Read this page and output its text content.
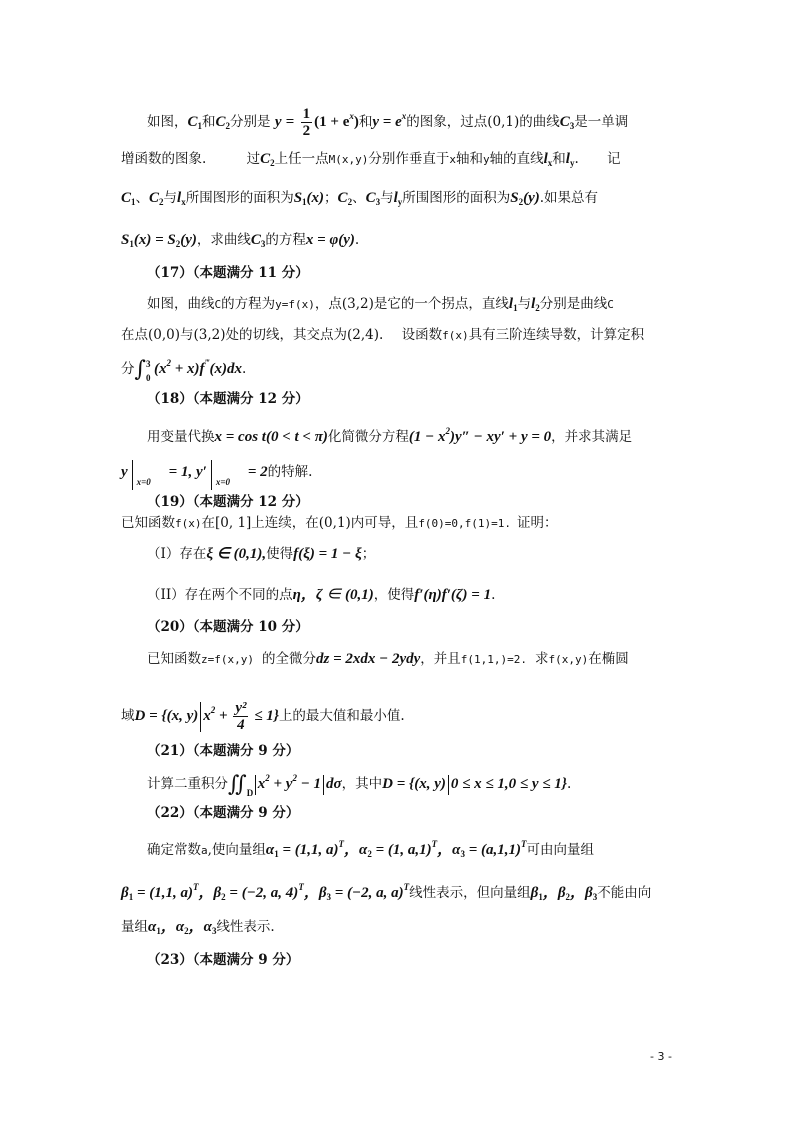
如图，$C_1$和$C_2$分别是 $y = \frac{1}{2} (1 + e^x)$和$y = e^x$的图象，过点(0,1)的曲线$C_3$是一单调
增函数的图象.	过$C_2$上任一点M(x,y)分别作垂直于x轴和y轴的直线$l_x$和$l_y$. 记
$C_1$、$C_2$与$l_x$所围图形的面积为$S_1(x)$；$C_2$、$C_3$与$l_y$所围图形的面积为$S_2(y)$.如果总有
$S_1(x) = S_2(y)$，求曲线$C_3$的方程x = φ(y).
（17）（本题满分 11 分）
如图，曲线C的方程为y=f(x)，点(3,2)是它的一个拐点，直线$l_1$与$l_2$分别是曲线C
在点(0,0)与(3,2)处的切线，其交点为(2,4). 设函数f(x)具有三阶连续导数，计算定积
分∫ 3
0
$(x^2 + x)f^‴(x)dx$.
（18）（本题满分 12 分）
用变量代换x = cos t(0 < t < π)化简微分方程$(1 - x^2)y'' - xy' + y = 0$，并求其满足
y
x=0
= 1, y′
x=0
= 2的特解.
（19）（本题满分 12 分）
已知函数f(x)在[0, 1]上连续，在(0,1)内可导，且f(0)=0,f(1)=1. 证明：
（I）存在ξ ∈ (0,1),使得f(ξ) = 1 − ξ；
（II）存在两个不同的点η，ζ ∈ (0,1)，使得f′(η)f′(ζ) = 1.
（20）（本题满分 10 分）
已知函数z=f(x,y) 的全微分dz = 2xdx − 2ydy，并且f(1,1,)=2. 求f(x,y)在椭圆
域D = {(x, y) $x^2 + \frac{\text{y²}}{4} \le 1$}上的最大值和最小值.
（21）（本题满分 9 分）
计算二重积分∬ D
$x^2 + y^2 - 1$ dσ，其中D = {(x, y) 0 ≤ x ≤ 1,0 ≤ y ≤ 1}.
（22）（本题满分 9 分）
确定常数a,使向量组$\alpha_1 = (1,1$, a)$^T$，$\alpha_2 = (1$, a,1)$^T$，$\alpha_3 = (a,1,1)^T$可由向量组
$\beta_1 = (1,1$, a)$^T$，$\beta_2 = (-2$, a, 4)$^T$，$\beta_3 = (-2$, a, a)$^T$线性表示，但向量组$\beta_1$，$\beta_2$，$\beta_3$不能由向
量组$\alpha_1$，$\alpha_2$，$\alpha_3$线性表示.
（23）（本题满分 9 分）
- 3 -
